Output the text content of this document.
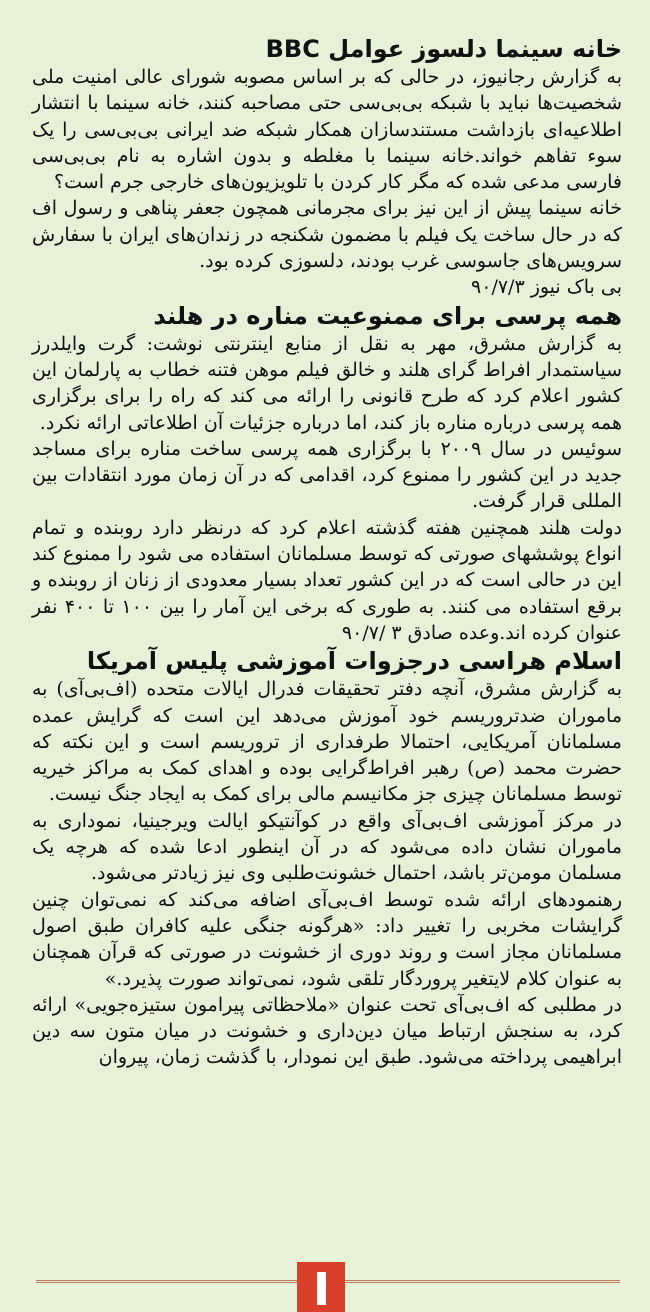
خانه سینما دلسوز عوامل BBC

به گزارش رجانیوز، در حالی که بر اساس مصوبه شورای عالی امنیت ملی شخصیت‌ها نباید با شبکه بی‌بی‌سی حتی مصاحبه کنند، خانه سینما با انتشار اطلاعیه‌ای بازداشت مستندسازان همکار شبکه ضد ایرانی بی‌بی‌سی را یک سوء تفاهم خواند.خانه سینما با مغلطه و بدون اشاره به نام بی‌بی‌سی فارسی مدعی شده که مگر کار کردن با تلویزیون‌های خارجی جرم است؟

خانه سینما پیش از این نیز برای مجرمانی همچون جعفر پناهی و رسول اف که در حال ساخت یک فیلم با مضمون شکنجه در زندان‌های ایران با سفارش سرویس‌های جاسوسی غرب بودند، دلسوزی کرده بود.

بی باک نیوز ۹۰/۷/۳

همه پرسی برای ممنوعیت مناره در هلند

به گزارش مشرق، مهر به نقل از منابع اینترنتی نوشت: گرت وایلدرز سیاستمدار افراط گرای هلند و خالق فیلم موهن فتنه خطاب به پارلمان این کشور اعلام کرد که طرح قانونی را ارائه می کند که راه را برای برگزاری همه پرسی درباره مناره باز کند، اما درباره جزئیات آن اطلاعاتی ارائه نکرد.

سوئیس در سال ۲۰۰۹ با برگزاری همه پرسی ساخت مناره برای مساجد جدید در این کشور را ممنوع کرد، اقدامی که در آن زمان مورد انتقادات بین المللی قرار گرفت.

دولت هلند همچنین هفته گذشته اعلام کرد که درنظر دارد روبنده و تمام انواع پوششهای صورتی که توسط مسلمانان استفاده می شود را ممنوع کند این در حالی است که در این کشور تعداد بسیار معدودی از زنان از روبنده و برقع استفاده می کنند. به طوری که برخی این آمار را بین ۱۰۰ تا ۴۰۰ نفر عنوان کرده اند.وعده صادق ۳ /۹۰/۷

اسلام هراسی درجزوات آموزشی پلیس آمریکا

به گزارش مشرق، آنچه دفتر تحقیقات فدرال ایالات متحده (اف‌بی‌آی) به ماموران ضدتروریسم خود آموزش می‌دهد این است که گرایش عمده مسلمانان آمریکایی، احتمالا طرفداری از تروریسم است و این نکته که حضرت محمد (ص) رهبر افراط‌گرایی بوده و اهدای کمک به مراکز خیریه توسط مسلمانان چیزی جز مکانیسم مالی برای کمک به ایجاد جنگ نیست.

در مرکز آموزشی اف‌بی‌آی واقع در کوآنتیکو ایالت ویرجینیا، نموداری به ماموران نشان داده می‌شود که در آن اینطور ادعا شده که هرچه یک مسلمان مومن‌تر باشد، احتمال خشونت‌طلبی وی نیز زیادتر می‌شود.

رهنمودهای ارائه شده توسط اف‌بی‌آی اضافه می‌کند که نمی‌توان چنین گرایشات مخربی را تغییر داد: «هرگونه جنگی علیه کافران طبق اصول مسلمانان مجاز است و روند دوری از خشونت در صورتی که قرآن همچنان به عنوان کلام لایتغیر پروردگار تلقی شود، نمی‌تواند صورت پذیرد.»

در مطلبی که اف‌بی‌آی تحت عنوان «ملاحظاتی پیرامون ستیزه‌جویی» ارائه کرد، به سنجش ارتباط میان دین‌داری و خشونت در میان متون سه دین ابراهیمی پرداخته می‌شود. طبق این نمودار، با گذشت زمان، پیروان
